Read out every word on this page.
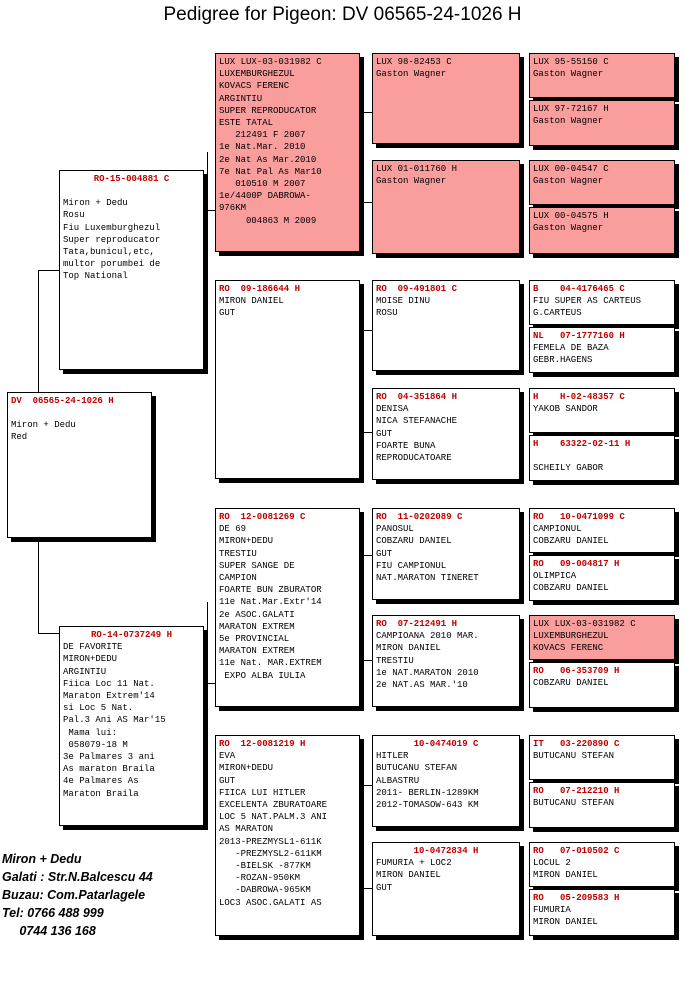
Pedigree for Pigeon: DV 06565-24-1026 H
DV  06565-24-1026 H
Miron + Dedu
Red
RO-15-004881 C
Miron + Dedu
Rosu
Fiu Luxemburghezul
Super reproducator
Tata,bunicul,etc,
multor porumbei de
Top National
RO-14-0737249 H
DE FAVORITE
MIRON+DEDU
ARGINTIU
Fiica Loc 11 Nat.
Maraton Extrem'14
si Loc 5 Nat.
Pal.3 Ani AS Mar'15
Mama lui:
058079-18 M
3e Palmares 3 ani
As maraton Braila
4e Palmares As
Maraton Braila
LUX LUX-03-031982 C
LUXEMBURGHEZUL
KOVACS FERENC
ARGINTIU
SUPER REPRODUCATOR
ESTE TATAL
212491 F 2007
1e Nat.Mar. 2010
2e Nat As Mar.2010
7e Nat Pal As Mar10
010510 M 2007
1e/4400P DABROWA-
976KM
004863 M 2009
RO  09-186644 H
MIRON DANIEL
GUT
RO  12-0081269 C
DE 69
MIRON+DEDU
TRESTIU
SUPER SANGE DE
CAMPION
FOARTE BUN ZBURATOR
11e Nat.Mar.Extr'14
2e ASOC.GALATI
MARATON EXTREM
5e PROVINCIAL
MARATON EXTREM
11e Nat. MAR.EXTREM
EXPO ALBA IULIA
RO  12-0081219 H
EVA
MIRON+DEDU
GUT
FIICA LUI HITLER
EXCELENTA ZBURATOARE
LOC 5 NAT.PALM.3 ANI
AS MARATON
2013-PREZMYSL1-611K
-PREZMYSL2-611KM
-BIELSK -877KM
-ROZAN-950KM
-DABROWA-965KM
LOC3 ASOC.GALATI AS
LUX 98-82453 C
Gaston Wagner
LUX 01-011760 H
Gaston Wagner
RO  09-491801 C
MOISE DINU
ROSU
RO  04-351864 H
DENISA
NICA STEFANACHE
GUT
FOARTE BUNA
REPRODUCATOARE
RO  11-0202089 C
PANOSUL
COBZARU DANIEL
GUT
FIU CAMPIONUL
NAT.MARATON TINERET
RO  07-212491 H
CAMPIOANA 2010 MAR.
MIRON DANIEL
TRESTIU
1e NAT.MARATON 2010
2e NAT.AS MAR.'10
10-0474019 C
HITLER
BUTUCANU STEFAN
ALBASTRU
2011- BERLIN-1289KM
2012-TOMASOW-643 KM
10-0472834 H
FUMURIA + LOC2
MIRON DANIEL
GUT
LUX 95-55150 C
Gaston Wagner
LUX 97-72167 H
Gaston Wagner
LUX 00-04547 C
Gaston Wagner
LUX 00-04575 H
Gaston Wagner
B    04-4176465 C
FIU SUPER AS CARTEUS
G.CARTEUS
NL   07-1777160 H
FEMELA DE BAZA
GEBR.HAGENS
H    H-02-48357 C
YAKOB SANDOR
H    63322-02-11 H
SCHEILY GABOR
RO   10-0471099 C
CAMPIONUL
COBZARU DANIEL
RO   09-004817 H
OLIMPICA
COBZARU DANIEL
LUX LUX-03-031982 C
LUXEMBURGHEZUL
KOVACS FERENC
RO   06-353709 H
COBZARU DANIEL
IT   03-220890 C
BUTUCANU STEFAN
RO   07-212210 H
BUTUCANU STEFAN
RO   07-010502 C
LOCUL 2
MIRON DANIEL
RO   05-209583 H
FUMURIA
MIRON DANIEL
Miron + Dedu
Galati : Str.N.Balcescu 44
Buzau: Com.Patarlagele
Tel: 0766 488 999
0744 136 168
